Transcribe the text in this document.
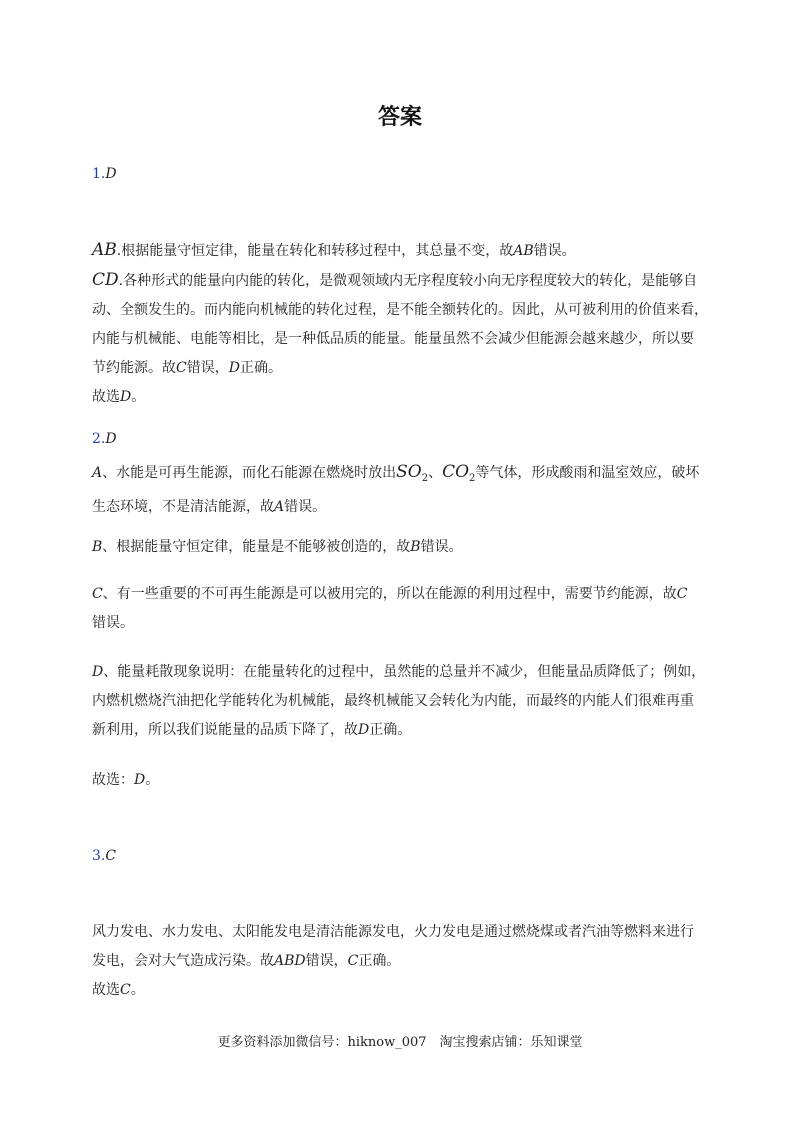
答案
1.D
AB.根据能量守恒定律，能量在转化和转移过程中，其总量不变，故AB错误。
CD.各种形式的能量向内能的转化，是微观领域内无序程度较小向无序程度较大的转化，是能够自
动、全额发生的。而内能向机械能的转化过程，是不能全额转化的。因此，从可被利用的价值来看，
内能与机械能、电能等相比，是一种低品质的能量。能量虽然不会减少但能源会越来越少，所以要
节约能源。故C错误，D正确。
故选D。
2.D
A、水能是可再生能源，而化石能源在燃烧时放出$SO_2$、$CO_2$等气体，形成酸雨和温室效应，破坏
生态环境，不是清洁能源，故A错误。
B、根据能量守恒定律，能量是不能够被创造的，故B错误。
C、有一些重要的不可再生能源是可以被用完的，所以在能源的利用过程中，需要节约能源，故C
错误。
D、能量耗散现象说明：在能量转化的过程中，虽然能的总量并不减少，但能量品质降低了；例如，
内燃机燃烧汽油把化学能转化为机械能，最终机械能又会转化为内能，而最终的内能人们很难再重
新利用，所以我们说能量的品质下降了，故D正确。
故选：D。
3.C
风力发电、水力发电、太阳能发电是清洁能源发电，火力发电是通过燃烧煤或者汽油等燃料来进行
发电，会对大气造成污染。故ABD错误，C正确。
故选C。
更多资料添加微信号：hiknow_007　淘宝搜索店铺：乐知课堂
